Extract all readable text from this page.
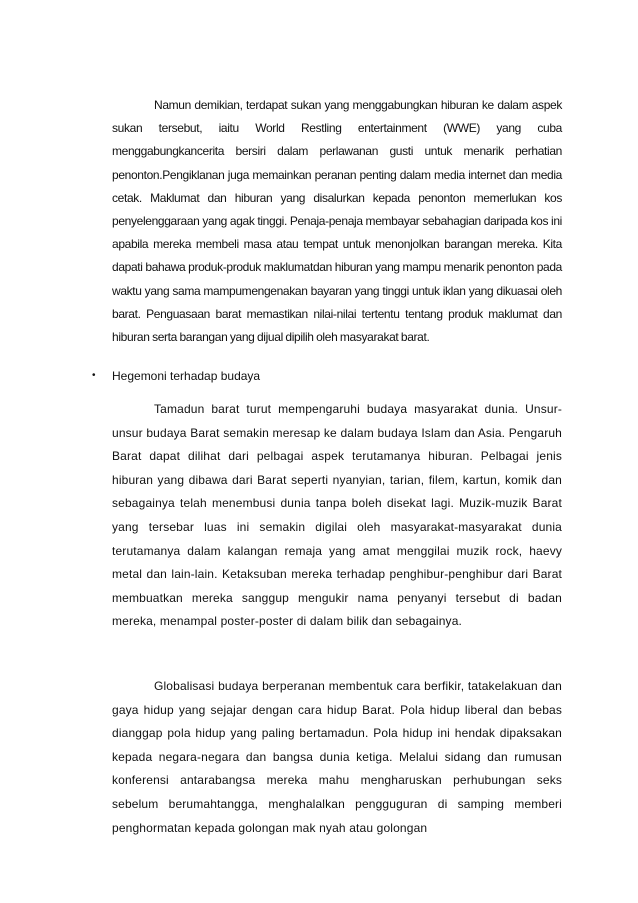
Namun demikian, terdapat sukan yang menggabungkan hiburan ke dalam aspek sukan tersebut, iaitu World Restling entertainment (WWE) yang cuba menggabungkancerita bersiri dalam perlawanan gusti untuk menarik perhatian penonton.Pengiklanan juga memainkan peranan penting dalam media internet dan media cetak. Maklumat dan hiburan yang disalurkan kepada penonton memerlukan kos penyelenggaraan yang agak tinggi. Penaja-penaja membayar sebahagian daripada kos ini apabila mereka membeli masa atau tempat untuk menonjolkan barangan mereka. Kita dapati bahawa produk-produk maklumatdan hiburan yang mampu menarik penonton pada waktu yang sama mampumengenakan bayaran yang tinggi untuk iklan yang dikuasai oleh barat. Penguasaan barat memastikan nilai-nilai tertentu tentang produk maklumat dan hiburan serta barangan yang dijual dipilih oleh masyarakat barat.

•	Hegemoni terhadap budaya

Tamadun barat turut mempengaruhi budaya masyarakat dunia. Unsur-unsur budaya Barat semakin meresap ke dalam budaya Islam dan Asia. Pengaruh Barat dapat dilihat dari pelbagai aspek terutamanya hiburan. Pelbagai jenis hiburan yang dibawa dari Barat seperti nyanyian, tarian, filem, kartun, komik dan sebagainya telah menembusi dunia tanpa boleh disekat lagi. Muzik-muzik Barat yang tersebar luas ini semakin digilai oleh masyarakat-masyarakat dunia terutamanya dalam kalangan remaja yang amat menggilai muzik rock, haevy metal dan lain-lain. Ketaksuban mereka terhadap penghibur-penghibur dari Barat membuatkan mereka sanggup mengukir nama penyanyi tersebut di badan mereka, menampal poster-poster di dalam bilik dan sebagainya.

Globalisasi budaya berperanan membentuk cara berfikir, tatakelakuan dan gaya hidup yang sejajar dengan cara hidup Barat. Pola hidup liberal dan bebas dianggap pola hidup yang paling bertamadun. Pola hidup ini hendak dipaksakan kepada negara-negara dan bangsa dunia ketiga. Melalui sidang dan rumusan konferensi antarabangsa mereka mahu mengharuskan perhubungan seks sebelum berumahtangga, menghalalkan pengguguran di samping memberi penghormatan kepada golongan mak nyah atau golongan
